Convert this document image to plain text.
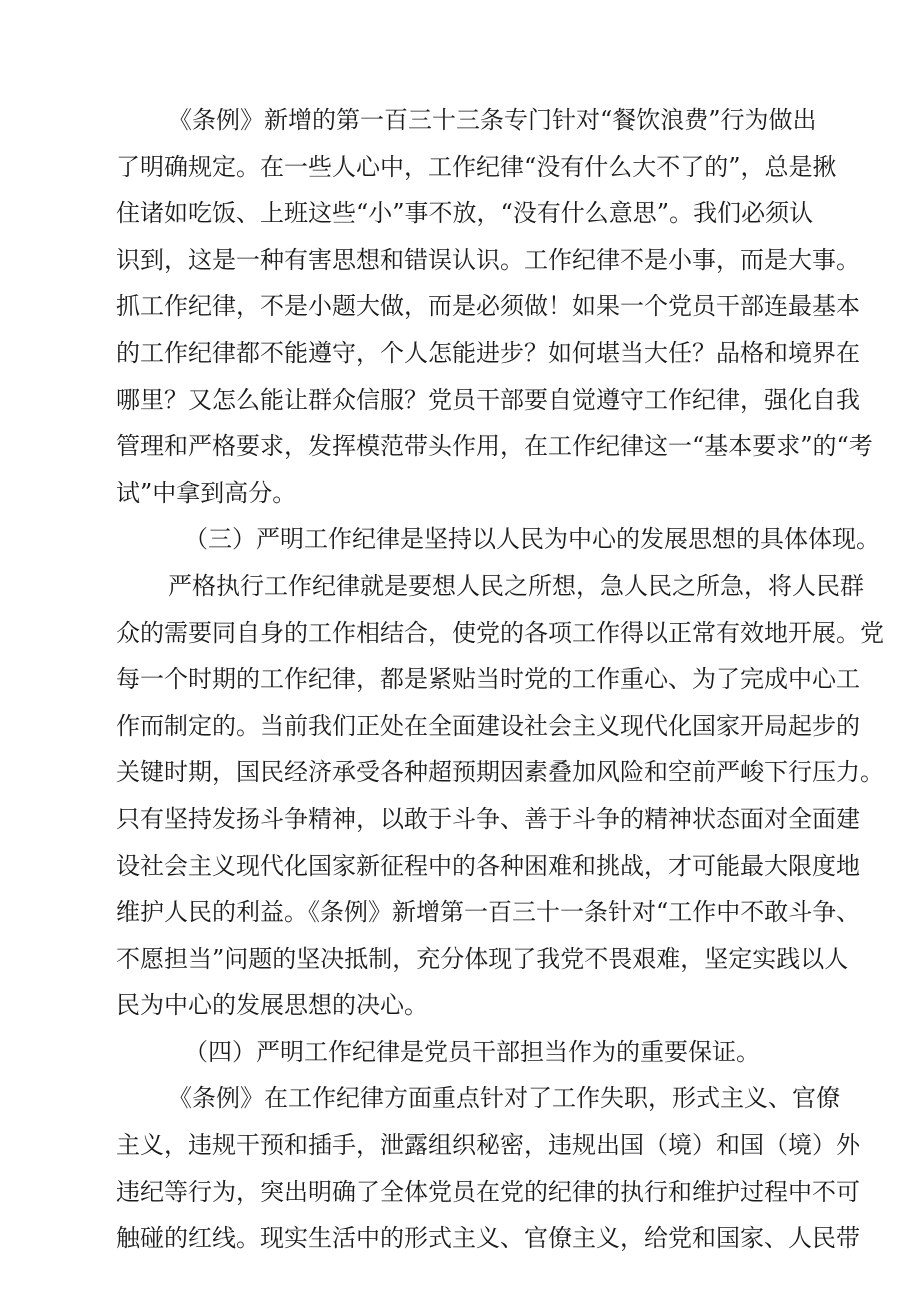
《条例》新增的第一百三十三条专门针对“餐饮浪费”行为做出
了明确规定。在一些人心中，工作纪律“没有什么大不了的”，总是揪
住诸如吃饭、上班这些“小”事不放，“没有什么意思”。我们必须认
识到，这是一种有害思想和错误认识。工作纪律不是小事，而是大事。
抓工作纪律，不是小题大做，而是必须做！如果一个党员干部连最基本
的工作纪律都不能遵守，个人怎能进步？如何堪当大任？品格和境界在
哪里？又怎么能让群众信服？党员干部要自觉遵守工作纪律，强化自我
管理和严格要求，发挥模范带头作用，在工作纪律这一“基本要求”的“考
试”中拿到高分。
（三）严明工作纪律是坚持以人民为中心的发展思想的具体体现。
严格执行工作纪律就是要想人民之所想，急人民之所急，将人民群
众的需要同自身的工作相结合，使党的各项工作得以正常有效地开展。党
每一个时期的工作纪律，都是紧贴当时党的工作重心、为了完成中心工
作而制定的。当前我们正处在全面建设社会主义现代化国家开局起步的
关键时期，国民经济承受各种超预期因素叠加风险和空前严峻下行压力。
只有坚持发扬斗争精神，以敢于斗争、善于斗争的精神状态面对全面建
设社会主义现代化国家新征程中的各种困难和挑战，才可能最大限度地
维护人民的利益。《条例》新增第一百三十一条针对“工作中不敢斗争、
不愿担当”问题的坚决抵制，充分体现了我党不畏艰难，坚定实践以人
民为中心的发展思想的决心。
（四）严明工作纪律是党员干部担当作为的重要保证。
《条例》在工作纪律方面重点针对了工作失职，形式主义、官僚
主义，违规干预和插手，泄露组织秘密，违规出国（境）和国（境）外
违纪等行为，突出明确了全体党员在党的纪律的执行和维护过程中不可
触碰的红线。现实生活中的形式主义、官僚主义，给党和国家、人民带
